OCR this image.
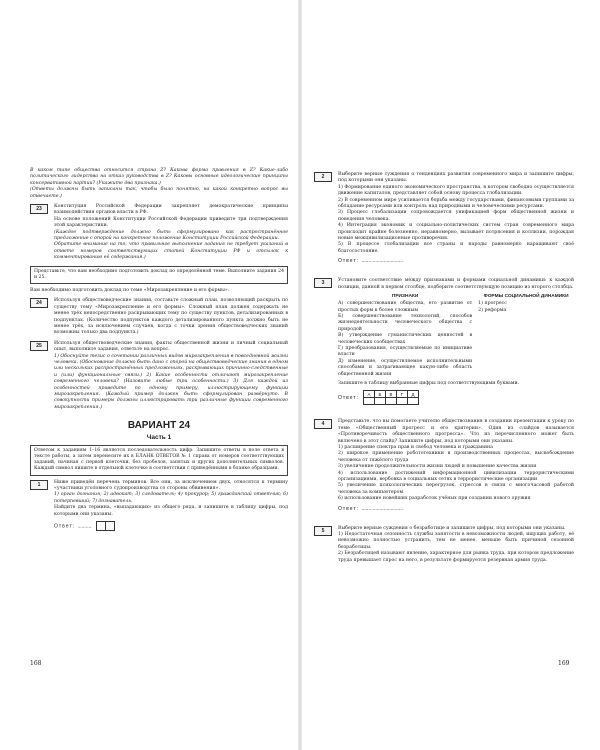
В каком типе общества относится страна Z? Какова форма правления в Z? Какие-либо политического лидерства на отказ руководства в Z? Каковы основные идеологические принципы консервативной партии? (Укажите два признака.)

(Ответы должны быть записаны так, чтобы было понятно, на какой конкретно вопрос вы отвечаете.)

23	Конституция Российской Федерации закрепляет демократические принципы взаимодействия органов власти в РФ.

На основе положений Конституции Российской Федерации приведите три подтверждения этой характеристики.

(Каждое подтверждение должно быть сформулировано как распространённое предложение с опорой на конкретное положение Конституции Российской Федерации.

Обратите внимание на то, что правильное выполнение задания не требует указаний в ответе номеров соответствующих статей Конституции РФ и отсылок к комментированию её содержания.)

Представьте, что вам необходимо подготовить доклад по определённой теме. Выполните задания 24 и 25.

Вам необходимо подготовить доклад по теме «Мирозакрепление и его формы».

24	Используя обществоведческие знания, составьте сложный план, позволяющий раскрыть по существу тему «Мирозакрепление и его формы». Сложный план должен содержать не менее трёх непосредственно раскрывающих тему по существу пунктов, детализированных в подпунктах. (Количество подпунктов каждого детализированного пункта должно быть не менее трёх, за исключением случаев, когда с точки зрения обществоведческих знаний возможны только два подпункта.)

25	Используя обществоведческие знания, факты общественной жизни и личный социальный опыт, выполните задания, ответьте на вопрос.

1) Обоснуйте тезис о сочетании различных видов мирозакрепления в повседневной жизни человека. (Обоснование должно быть дано с опорой на обществоведческие знания в одном или нескольких распространённых предложениях, раскрывающих причинно-следственные и (или) функциональные связи.) 2) Какие особенности отличают мирозакрепление современного человека? (Назовите любые три особенности.) 3) Для каждой из особенностей приведите по одному примеру, иллюстрирующему функции мирозакрепления. (Каждый пример должен быть сформулирован развёрнуто. В совокупности примеры должны иллюстрировать три различные функции современного мирозакрепления.)

ВАРИАНТ 24
Часть 1

Ответом к заданиям 1–16 является последовательность цифр. Запишите ответы в поле ответа в тексте работы, а затем перенесите их в БЛАНК ОТВЕТОВ № 1 справа от номеров соответствующих заданий, начиная с первой клеточки, без пробелов, запятых и других дополнительных символов. Каждый символ пишите в отдельной клеточке в соответствии с приведёнными в бланке образцами.

1	Ниже приведён перечень терминов. Все они, за исключением двух, относятся к термину «участники уголовного судопроизводства со стороны обвинения».

1) орган дознания; 2) адвокат; 3) следователь; 4) прокурор; 5) гражданский ответчик; 6) потерпевший; 7) дознаватель.

Найдите два термина, «выпадающих» из общего ряда, и запишите в таблицу цифры, под которыми они указаны.

Ответ: ..........
168
2	Выберите верные суждения о тенденциях развития современного мира и запишите цифры, под которыми они указаны.

1) Формирование единого экономического пространства, в котором свободно осуществляется движение капиталов, представляет собой основу процесса глобализации.

2) В современном мире усиливается борьба между государствами, финансовыми группами за обладание ресурсами или контроль над природными и человеческими ресурсами.

3) Процесс глобализации сопровождается унификацией форм общественной жизни и поведения человека.

4) Интеграция экономик и социально-политических систем стран современного мира происходит крайне болезненно, неравномерно, вызывает потрясения и коллизии, порождая новые межцивилизационные противоречия.

5) В процессе глобализации все страны и народы равномерно наращивают своё благосостояние.

Ответ: ..............................
3	Установите соответствие между признаками и формами социальной динамики: к каждой позиции, данной в первом столбце, подберите соответствующую позицию из второго столбца.

ПРИЗНАКИ

А) совершенствование общества, его развитие от простых форм к более сложным

Б) совершенствование технологий, способов жизнедеятельности человеческого общества с природой

В) утверждение гуманистических ценностей в человеческих сообществах

Г) преобразования, осуществляемые по инициативе власти

Д) изменение, осуществляемое исполнительными способами и затрагивающее какую-либо область общественной жизни

ФОРМЫ СОЦИАЛЬНОЙ ДИНАМИКИ

1) прогресс

2) реформа

Запишите в таблицу выбранные цифры под соответствующими буквами.

Ответ: А	Б	В	Г	Д

4	Представьте, что вы помогаете учителю обществознания в создании презентации к уроку по теме «Общественный прогресс и его критерии». Один из слайдов называется «Противоречивость общественного прогресса». Что из перечисленного может быть включено в этот слайд? Запишите цифры, под которыми они указаны.

1) расширение спектра прав и свобод человека и гражданина

2) широкое применение робототехники в производственных процессах, высвобождение человека от тяжёлого труда

3) увеличение продолжительности жизни людей и повышение качества жизни

4) использование достижений информационной цивилизации террористическими организациями, вербовка в социальных сетях в террористические организации

5) увеличение психологических перегрузок, стрессов в связи с многочасовой работой человека за компьютером

6) использование новейших разработок учёных при создании нового оружия

Ответ: ..............................
5	Выберите верные суждения о безработице и запишите цифры, под которыми они указаны.

1) Недостаточная сезонность службы занятости в невозможности людей, ищущих работу, её невозможно полностью устранить, тем не менее, меньше быть причиной сезонной безработицы.

2) Безработицей называют явление, характерное для рынка труда, при котором предложение труда превышает спрос на него, в результате формируется резервная армия труда.

169
